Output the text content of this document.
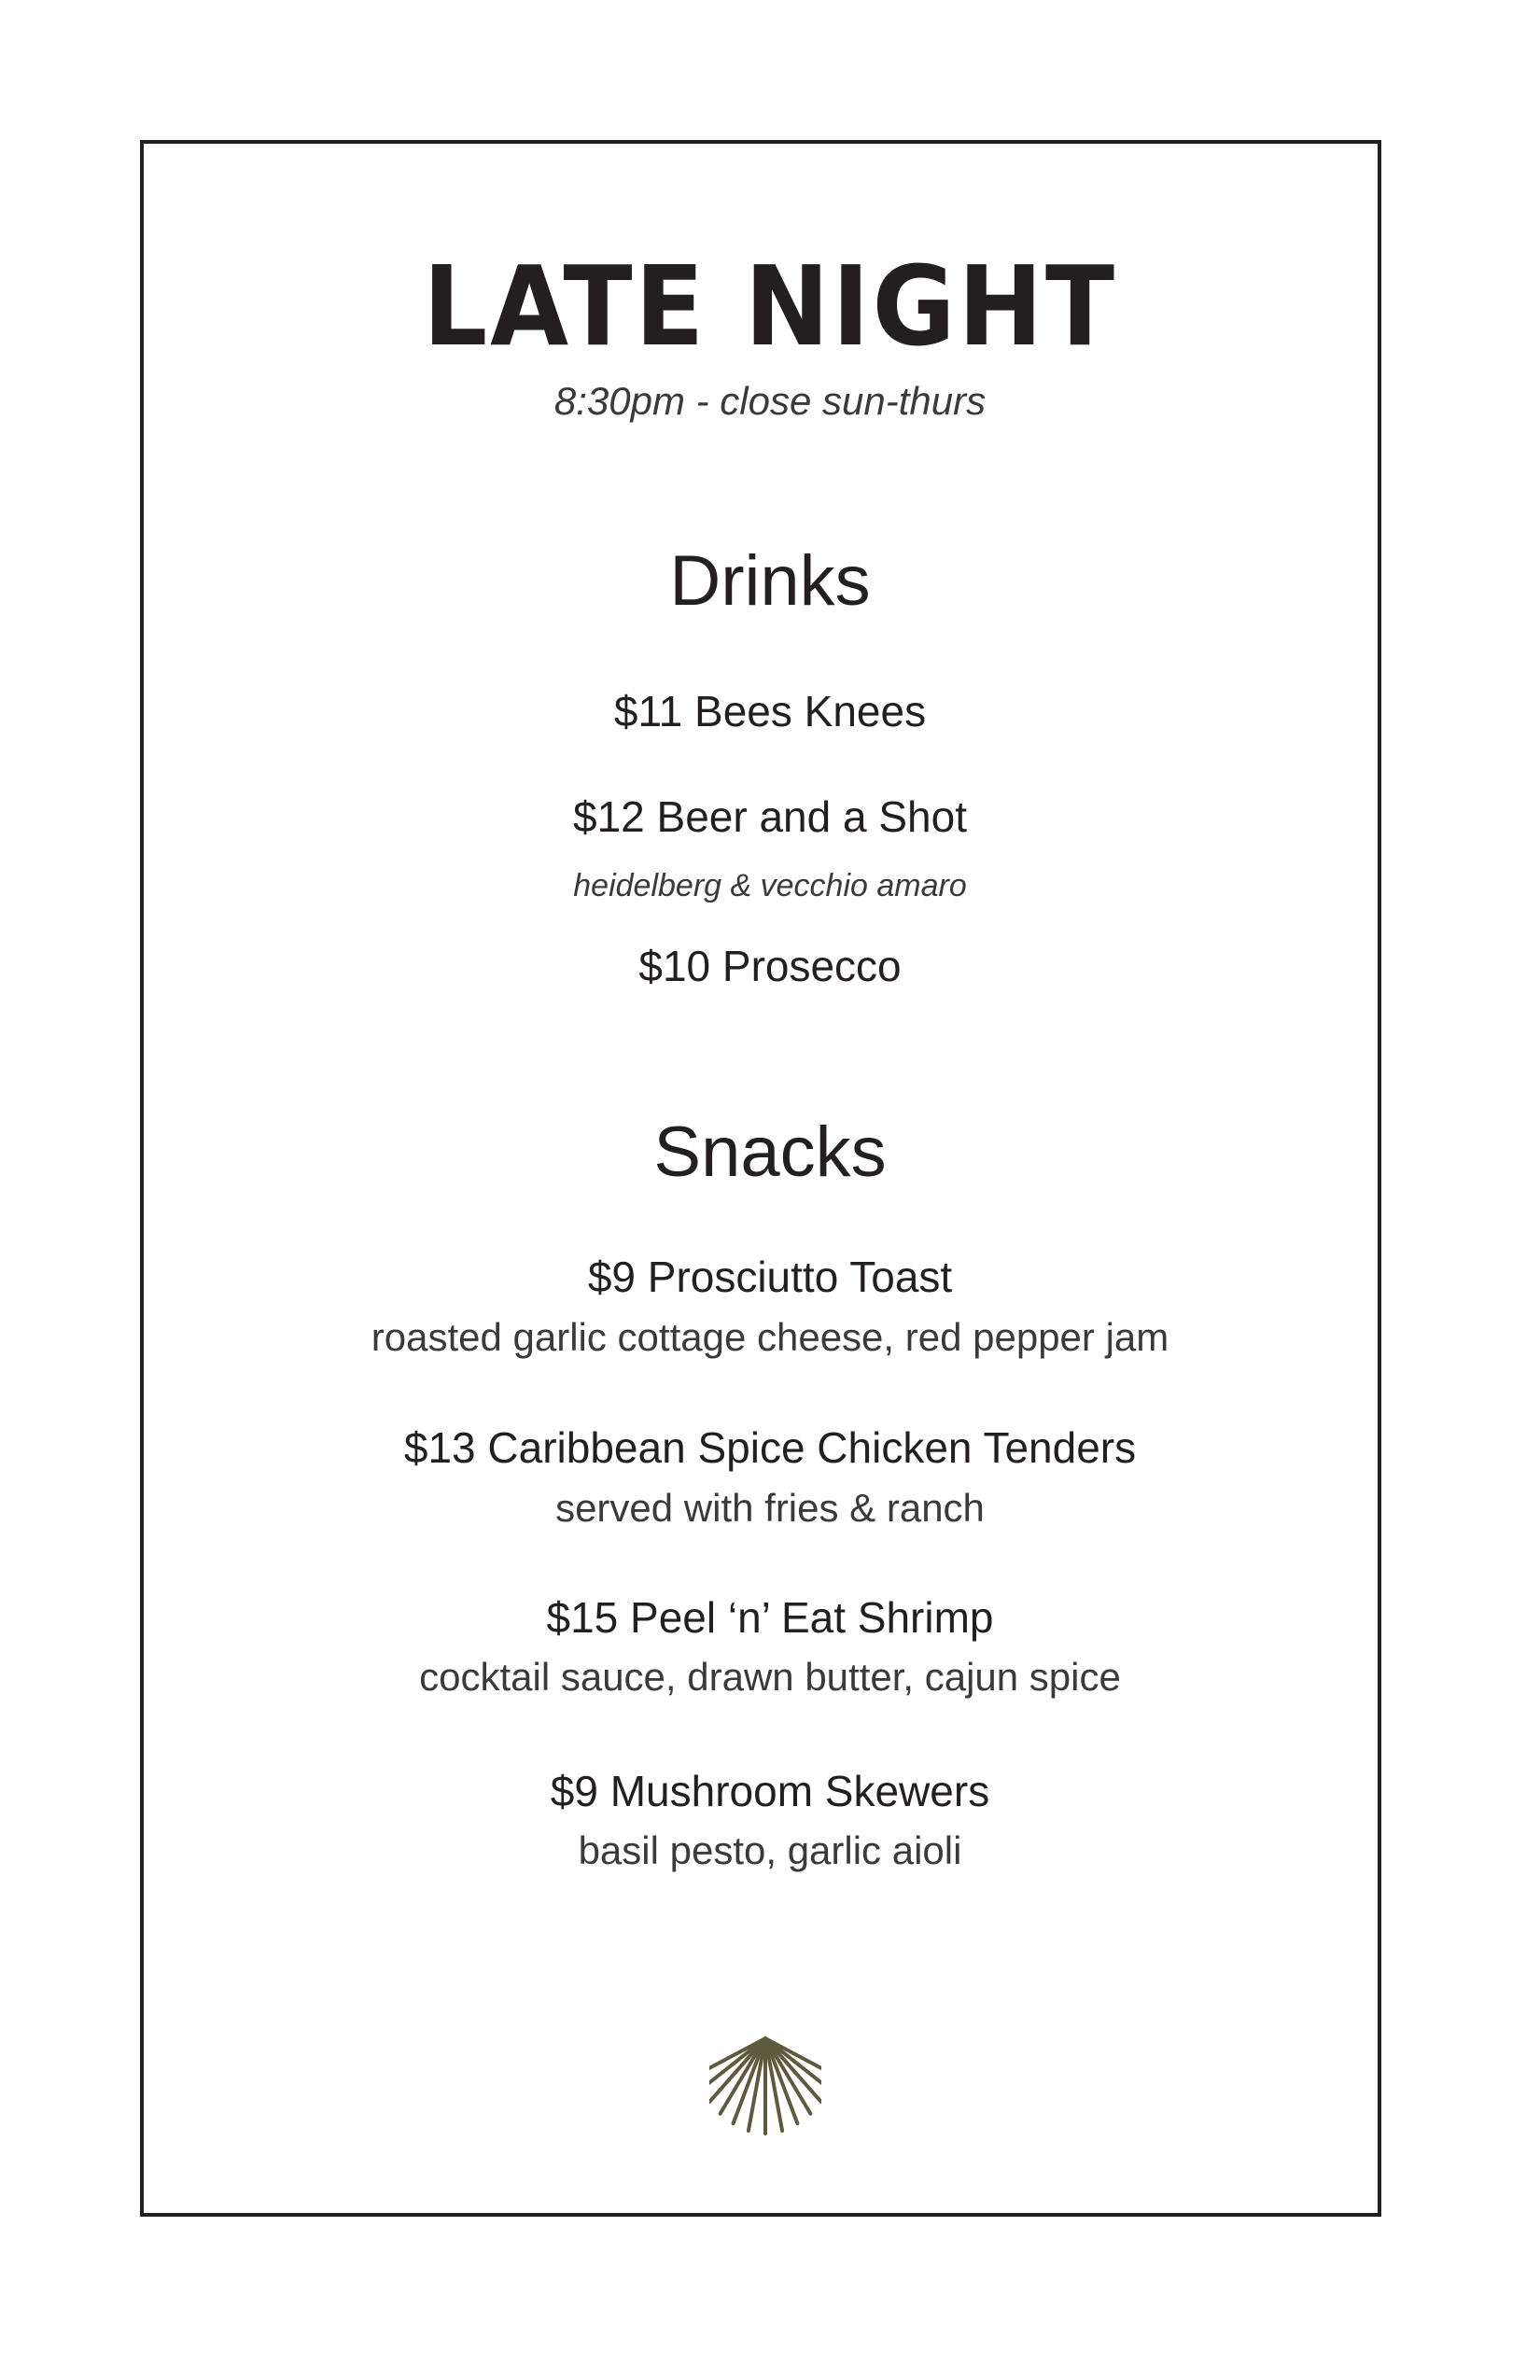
LATE NIGHT
8:30pm - close sun-thurs
Drinks
$11 Bees Knees
$12 Beer and a Shot
heidelberg & vecchio amaro
$10 Prosecco
Snacks
$9 Prosciutto Toast
roasted garlic cottage cheese, red pepper jam
$13 Caribbean Spice Chicken Tenders
served with fries & ranch
$15 Peel ‘n’ Eat Shrimp
cocktail sauce, drawn butter, cajun spice
$9 Mushroom Skewers
basil pesto, garlic aioli
